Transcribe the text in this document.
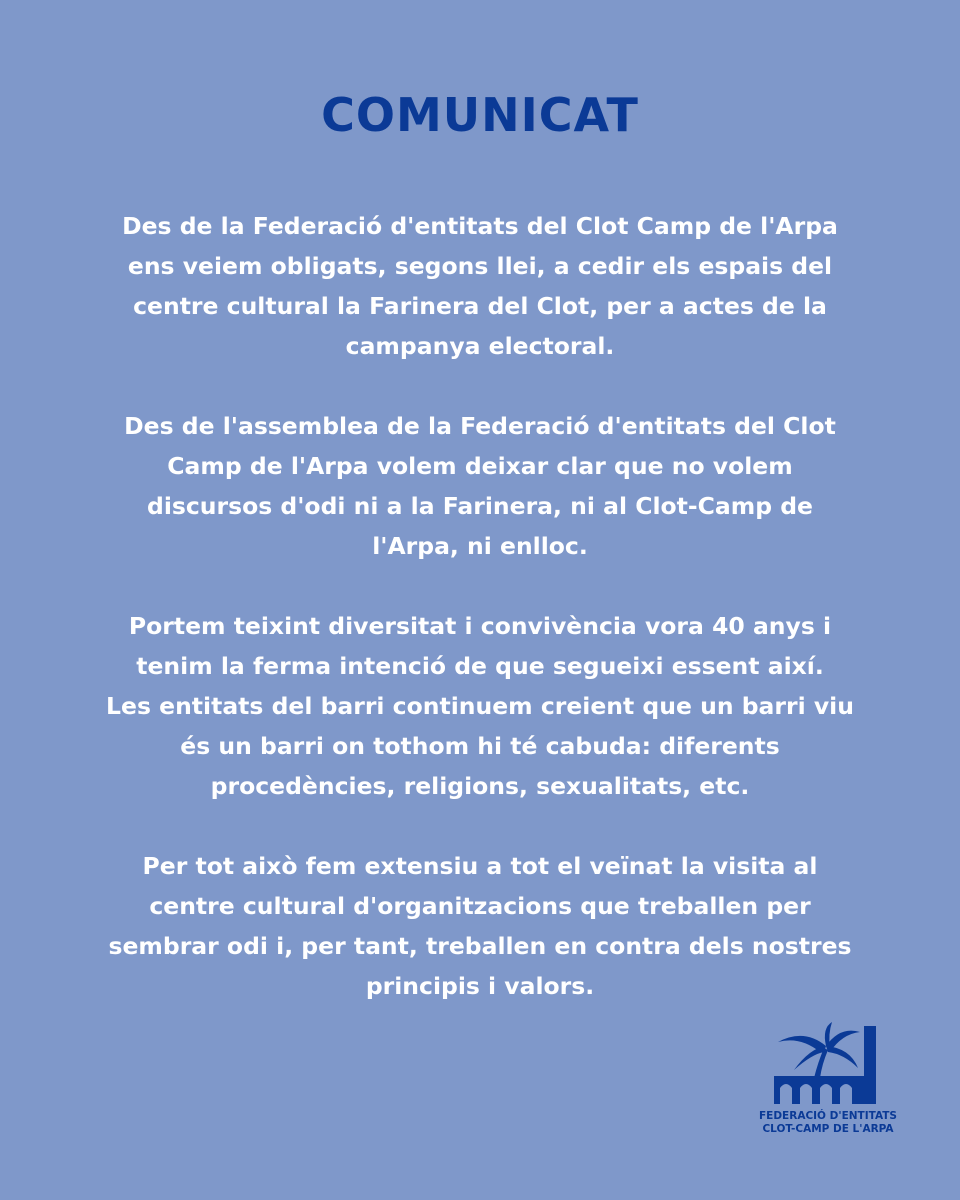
COMUNICAT

Des de la Federació d'entitats del Clot Camp de l'Arpa
ens veiem obligats, segons llei, a cedir els espais del
centre cultural la Farinera del Clot, per a actes de la
campanya electoral.

Des de l'assemblea de la Federació d'entitats del Clot
Camp de l'Arpa volem deixar clar que no volem
discursos d'odi ni a la Farinera, ni al Clot-Camp de
l'Arpa, ni enlloc.

Portem teixint diversitat i convivència vora 40 anys i
tenim la ferma intenció de que segueixi essent així.
Les entitats del barri continuem creient que un barri viu
és un barri on tothom hi té cabuda: diferents
procedències, religions, sexualitats, etc.

Per tot això fem extensiu a tot el veïnat la visita al
centre cultural d'organitzacions que treballen per
sembrar odi i, per tant, treballen en contra dels nostres
principis i valors.

FEDERACIÓ D'ENTITATS
CLOT-CAMP DE L'ARPA
